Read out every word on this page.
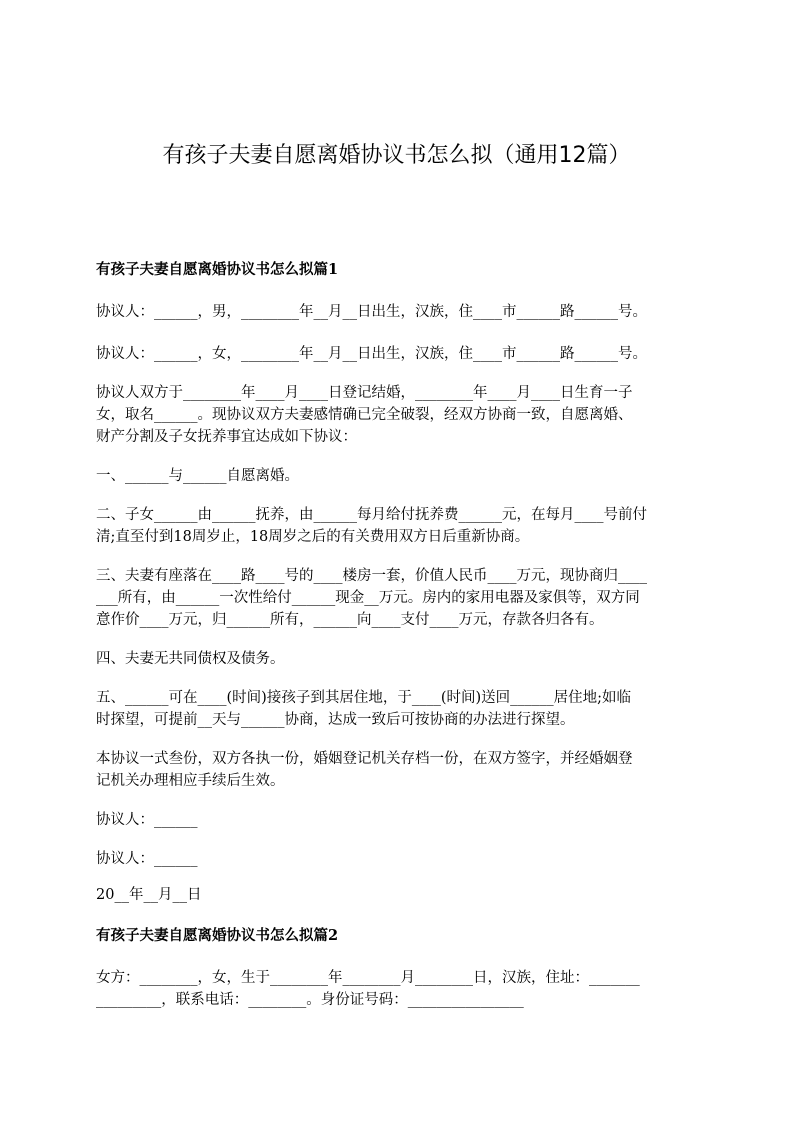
有孩子夫妻自愿离婚协议书怎么拟（通用12篇）
有孩子夫妻自愿离婚协议书怎么拟篇1
协议人：______，男，________年__月__日出生，汉族，住____市______路______号。
协议人：______，女，________年__月__日出生，汉族，住____市______路______号。
协议人双方于________年____月____日登记结婚，________年____月____日生育一子
女，取名______。现协议双方夫妻感情确已完全破裂，经双方协商一致，自愿离婚、
财产分割及子女抚养事宜达成如下协议：
一、______与______自愿离婚。
二、子女______由______抚养，由______每月给付抚养费______元，在每月____号前付
清;直至付到18周岁止，18周岁之后的有关费用双方日后重新协商。
三、夫妻有座落在____路____号的____楼房一套，价值人民币____万元，现协商归____
___所有，由______一次性给付______现金__万元。房内的家用电器及家俱等，双方同
意作价____万元，归______所有，______向____支付____万元，存款各归各有。
四、夫妻无共同债权及债务。
五、______可在____(时间)接孩子到其居住地，于____(时间)送回______居住地;如临
时探望，可提前__天与______协商，达成一致后可按协商的办法进行探望。
本协议一式叁份，双方各执一份，婚姻登记机关存档一份，在双方签字，并经婚姻登
记机关办理相应手续后生效。
协议人：______
协议人：______
20__年__月__日
有孩子夫妻自愿离婚协议书怎么拟篇2
女方：________，女，生于________年________月________日，汉族，住址：_______
_________，联系电话：________。身份证号码：________________
